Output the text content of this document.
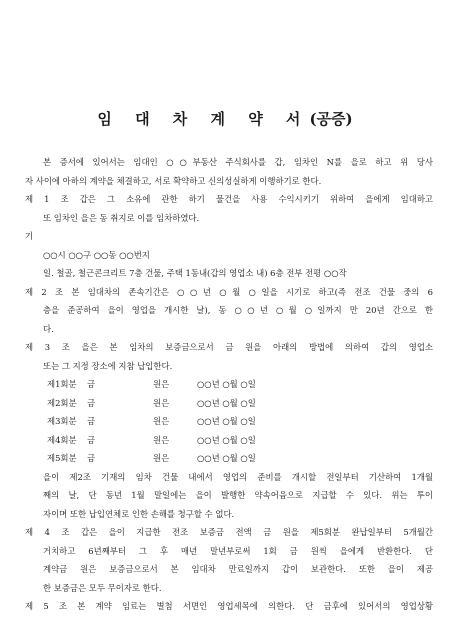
임 대 차 계 약 서(공증)
본 증서에 있어서는 임대인 ○○부동산 주식회사를 갑, 임차인 N를 을로 하고 위 당사
자 사이에 아하의 계약을 체결하고, 서로 확약하고 신의성실하게 이행하기로 한다.
제 1 조 갑은 그 소유에 관한 하기 물건을 사용 수익시키기 위하여 을에게 임대하고
또 임차인 을은 동 취지로 이를 임차하였다.
기
○○시 ○○구 ○○동 ○○번지
일. 철골, 철근콘크리트 7층 건물, 주택 1동내(갑의 영업소 내) 6층 전부 전평 ○○작
제 2 조 본 임대차의 존속기간은 ○○년 ○월 ○일을 시기로 하고(즉 전조 건물 중의 6
층을 준공하여 을이 영업을 개시한 날), 동 ○○년 ○월 ○일까지 만 20년 간으로 한
다.
제 3 조 을은 본 임차의 보증금으로서 금 원을 아래의 방법에 의하여 갑의 영업소
또는 그 지정 장소에 지참 납입한다.
제1회분	금	원은	○○년 ○월 ○일
제2회분	금	원은	○○년 ○월 ○일
제3회분	금	원은	○○년 ○월 ○일
제4회분	금	원은	○○년 ○월 ○일
제5회분	금	원은	○○년 ○월 ○일
을이 제2조 기재의 임차 건물 내에서 영업의 준비를 개시할 전일부터 기산하여 1개월
째의 날, 단 동년 1월 말일에는 을이 발행한 약속어음으로 지급할 수 있다. 위는 투이
자이며 또한 납입연체로 인한 손해를 청구할 수 없다.
제 4 조 갑은 을이 지급한 전조 보증금 전액 금 원을 제5회분 완납일부터 5개월간
거치하고 6년째부터 그 후 매년 말년부로써 1회 금 원씩 을에게 반환한다. 단
계약금 원은 보증금으로서 본 임대차 만료일까지 갑이 보관한다. 또한 을이 제공
한 보증금은 모두 무이자로 한다.
제 5 조 본 계약 임료는 별첨 서면인 영업세목에 의한다. 단 금후에 있어서의 영업상황
